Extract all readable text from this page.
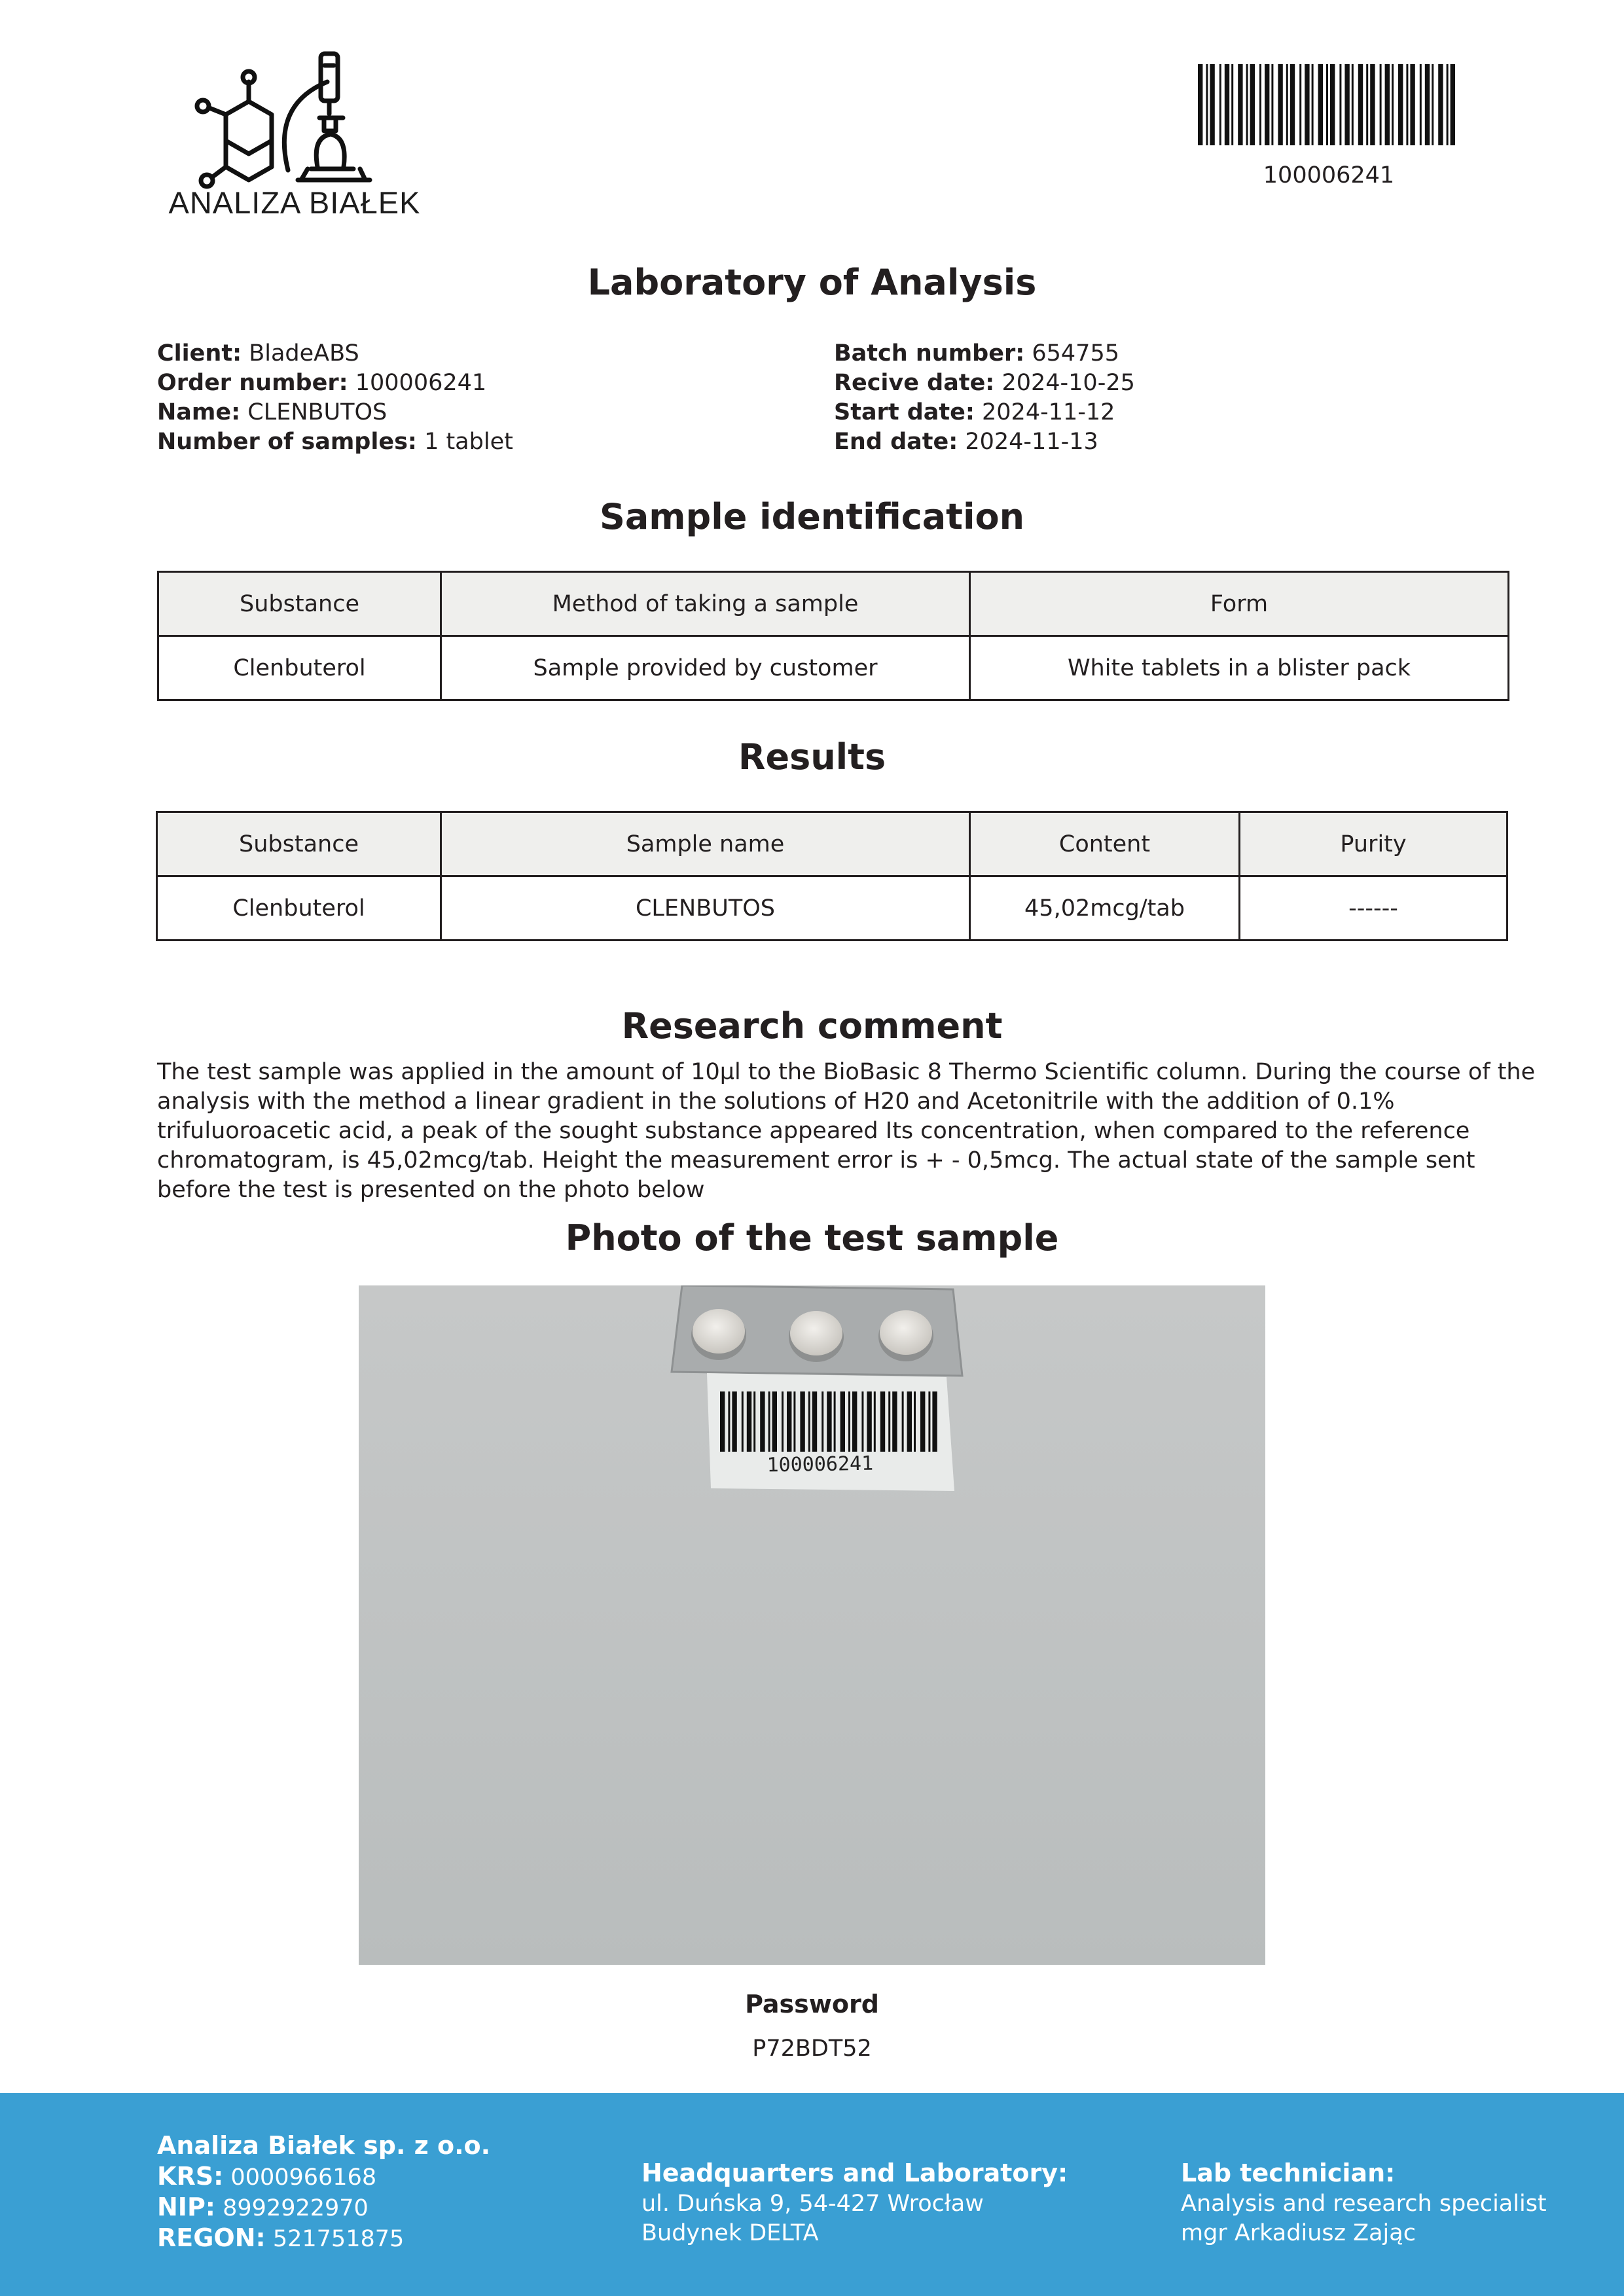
ANALIZA BIAŁEK
100006241
Laboratory of Analysis
Client: BladeABS
Order number: 100006241
Name: CLENBUTOS
Number of samples: 1 tablet
Batch number: 654755
Recive date: 2024-10-25
Start date: 2024-11-12
End date: 2024-11-13
Sample identification
Substance	Method of taking a sample	Form
Clenbuterol	Sample provided by customer	White tablets in a blister pack
Results
Substance	Sample name	Content	Purity
Clenbuterol	CLENBUTOS	45,02mcg/tab	------
Research comment
The test sample was applied in the amount of 10µl to the BioBasic 8 Thermo Scientific column. During the course of the analysis with the method a linear gradient in the solutions of H20 and Acetonitrile with the addition of 0.1% trifuluoroacetic acid, a peak of the sought substance appeared Its concentration, when compared to the reference chromatogram, is 45,02mcg/tab. Height the measurement error is + - 0,5mcg. The actual state of the sample sent before the test is presented on the photo below
Photo of the test sample
100006241
Password
P72BDT52
Analiza Białek sp. z o.o.
KRS: 0000966168
NIP: 8992922970
REGON: 521751875
Headquarters and Laboratory:
ul. Duńska 9, 54-427 Wrocław
Budynek DELTA
Lab technician:
Analysis and research specialist
mgr Arkadiusz Zając
